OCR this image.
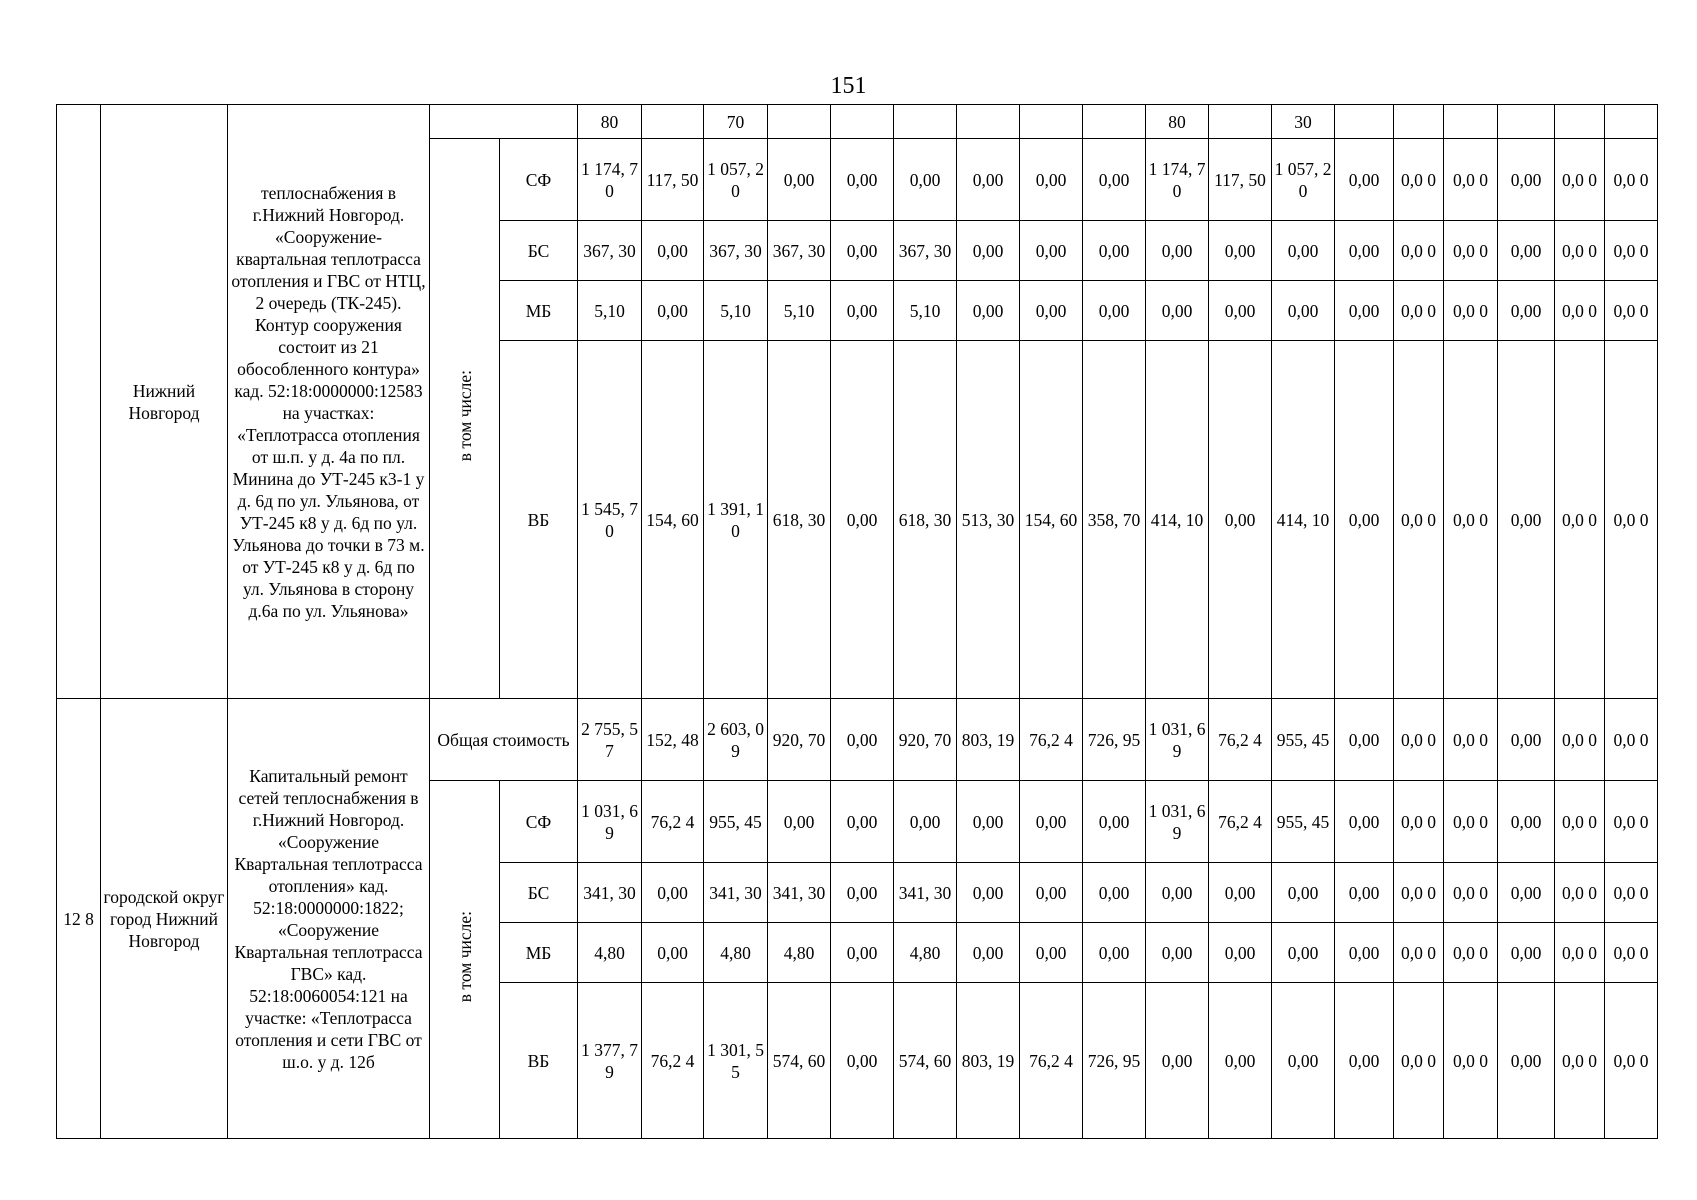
151
	Нижний Новгород	теплоснабжения в г.Нижний Новгород. «Сооружение-квартальная теплотрасса отопления и ГВС от НТЦ, 2 очередь (ТК-245). Контур сооружения состоит из 21 обособленного контура» кад. 52:18:0000000:12583 на участках: «Теплотрасса отопления от ш.п. у д. 4а по пл. Минина до УТ-245 к3-1 у д. 6д по ул. Ульянова, от УТ-245 к8 у д. 6д по ул. Ульянова до точки в 73 м. от УТ-245 к8 у д. 6д по ул. Ульянова в сторону д.6а по ул. Ульянова»			80		70							80		30						
			в том числе:	СФ	1 174, 70	117, 50	1 057, 20	0,00	0,00	0,00	0,00	0,00	0,00	1 174, 70	117, 50	1 057, 20	0,00	0,0 0	0,0 0	0,00	0,0 0	0,0 0
				БС	367, 30	0,00	367, 30	367, 30	0,00	367, 30	0,00	0,00	0,00	0,00	0,00	0,00	0,00	0,0 0	0,0 0	0,00	0,0 0	0,0 0
				МБ	5,10	0,00	5,10	5,10	0,00	5,10	0,00	0,00	0,00	0,00	0,00	0,00	0,00	0,0 0	0,0 0	0,00	0,0 0	0,0 0
				ВБ	1 545, 70	154, 60	1 391, 10	618, 30	0,00	618, 30	513, 30	154, 60	358, 70	414, 10	0,00	414, 10	0,00	0,0 0	0,0 0	0,00	0,0 0	0,0 0
12 8	городской округ город Нижний Новгород	Капитальный ремонт сетей теплоснабжения в г.Нижний Новгород. «Сооружение Квартальная теплотрасса отопления» кад. 52:18:0000000:1822; «Сооружение Квартальная теплотрасса ГВС» кад. 52:18:0060054:121 на участке: «Теплотрасса отопления и сети ГВС от ш.о. у д. 12б	Общая стоимость		2 755, 57	152, 48	2 603, 09	920, 70	0,00	920, 70	803, 19	76,2 4	726, 95	1 031, 69	76,2 4	955, 45	0,00	0,0 0	0,0 0	0,00	0,0 0	0,0 0
			в том числе:	СФ	1 031, 69	76,2 4	955, 45	0,00	0,00	0,00	0,00	0,00	0,00	1 031, 69	76,2 4	955, 45	0,00	0,0 0	0,0 0	0,00	0,0 0	0,0 0
				БС	341, 30	0,00	341, 30	341, 30	0,00	341, 30	0,00	0,00	0,00	0,00	0,00	0,00	0,00	0,0 0	0,0 0	0,00	0,0 0	0,0 0
				МБ	4,80	0,00	4,80	4,80	0,00	4,80	0,00	0,00	0,00	0,00	0,00	0,00	0,00	0,0 0	0,0 0	0,00	0,0 0	0,0 0
				ВБ	1 377, 79	76,2 4	1 301, 55	574, 60	0,00	574, 60	803, 19	76,2 4	726, 95	0,00	0,00	0,00	0,00	0,0 0	0,0 0	0,00	0,0 0	0,0 0
